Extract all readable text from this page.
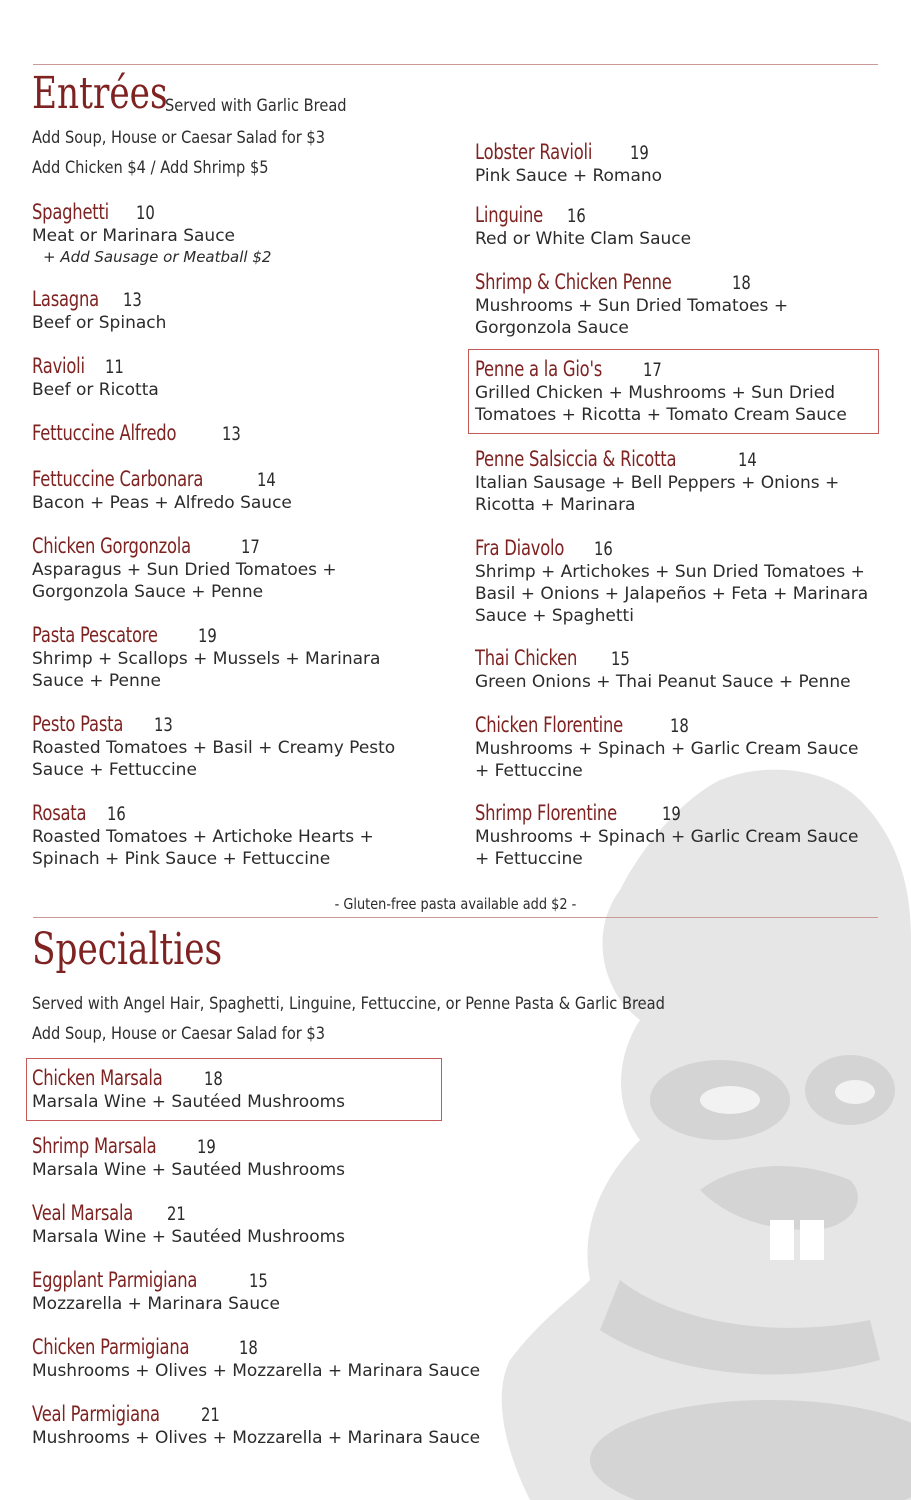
Entrées
Served with Garlic Bread
Add Soup, House or Caesar Salad for $3
Add Chicken $4 / Add Shrimp $5
Spaghetti 10
Meat or Marinara Sauce
+ Add Sausage or Meatball $2
Lasagna 13
Beef or Spinach
Ravioli 11
Beef or Ricotta
Fettuccine Alfredo 13
Fettuccine Carbonara	14
Bacon + Peas + Alfredo Sauce
Chicken Gorgonzola	17
Asparagus + Sun Dried Tomatoes + Gorgonzola Sauce + Penne
Pasta Pescatore 19
Shrimp + Scallops + Mussels + Marinara Sauce + Penne
Pesto Pasta 13
Roasted Tomatoes + Basil + Creamy Pesto Sauce + Fettuccine
Rosata 16
Roasted Tomatoes + Artichoke Hearts + Spinach + Pink Sauce + Fettuccine
Lobster Ravioli 19
Pink Sauce + Romano
Linguine 16
Red or White Clam Sauce
Shrimp & Chicken Penne	18
Mushrooms + Sun Dried Tomatoes + Gorgonzola Sauce
Penne a la Gio's 17
Grilled Chicken + Mushrooms + Sun Dried Tomatoes + Ricotta + Tomato Cream Sauce
Penne Salsiccia & Ricotta	14
Italian Sausage + Bell Peppers + Onions + Ricotta + Marinara
Fra Diavolo 16
Shrimp + Artichokes + Sun Dried Tomatoes + Basil + Onions + Jalapeños + Feta + Marinara Sauce + Spaghetti
Thai Chicken 15
Green Onions + Thai Peanut Sauce + Penne
Chicken Florentine 18
Mushrooms + Spinach + Garlic Cream Sauce + Fettuccine
Shrimp Florentine 19
Mushrooms + Spinach + Garlic Cream Sauce + Fettuccine
- Gluten-free pasta available add $2 -
Specialties
Served with Angel Hair, Spaghetti, Linguine, Fettuccine, or Penne Pasta & Garlic Bread
Add Soup, House or Caesar Salad for $3
Chicken Marsala 18
Marsala Wine + Sautéed Mushrooms
Shrimp Marsala 19
Marsala Wine + Sautéed Mushrooms
Veal Marsala 21
Marsala Wine + Sautéed Mushrooms
Eggplant Parmigiana	15
Mozzarella + Marinara Sauce
Chicken Parmigiana	18
Mushrooms + Olives + Mozzarella + Marinara Sauce
Veal Parmigiana 21
Mushrooms + Olives + Mozzarella + Marinara Sauce
